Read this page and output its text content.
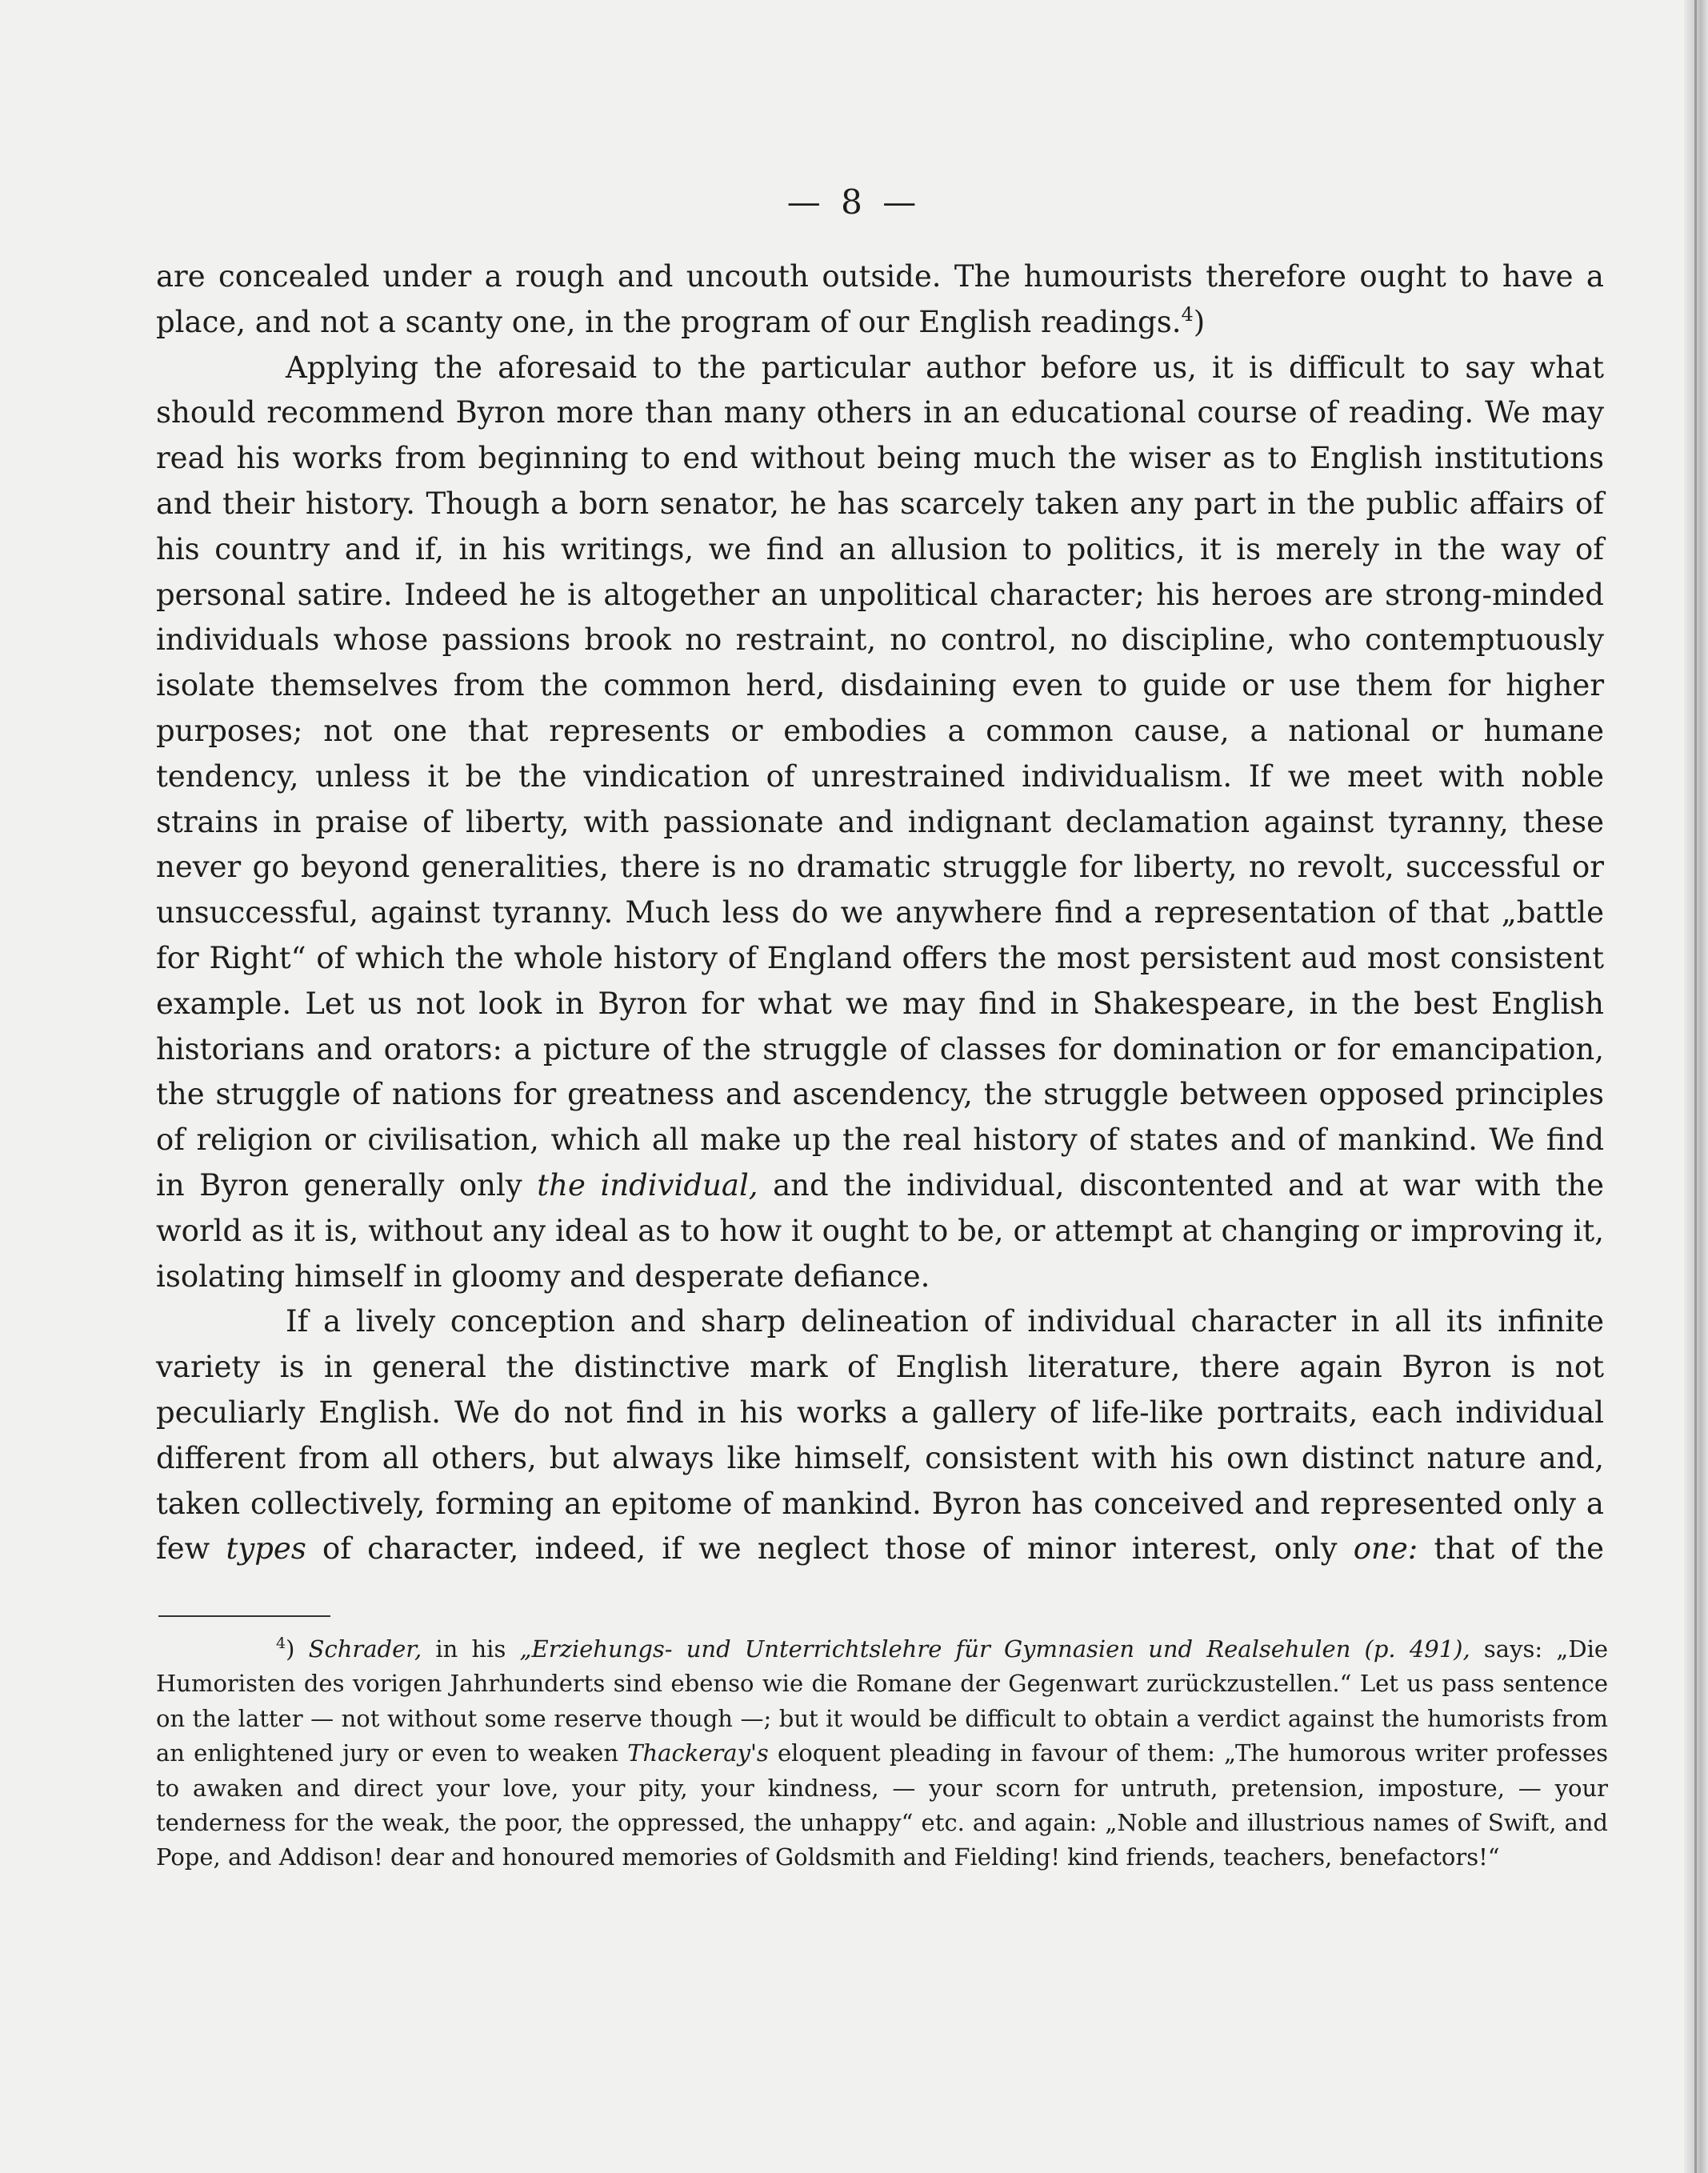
— 8 —

are concealed under a rough and uncouth outside. The humourists therefore ought to have a place, and not a scanty one, in the program of our English readings.$^4$)

Applying the aforesaid to the particular author before us, it is difficult to say what should recommend Byron more than many others in an educational course of reading. We may read his works from beginning to end without being much the wiser as to English institutions and their history. Though a born senator, he has scarcely taken any part in the public affairs of his country and if, in his writings, we find an allusion to politics, it is merely in the way of personal satire. Indeed he is altogether an unpolitical character; his heroes are strong-minded individuals whose passions brook no restraint, no control, no discipline, who contemptuously isolate themselves from the common herd, disdaining even to guide or use them for higher purposes; not one that represents or embodies a common cause, a national or humane tendency, unless it be the vindication of unrestrained individualism. If we meet with noble strains in praise of liberty, with passionate and indignant declamation against tyranny, these never go beyond generalities, there is no dramatic struggle for liberty, no revolt, successful or unsuccessful, against tyranny. Much less do we anywhere find a representation of that „battle for Right“ of which the whole history of England offers the most persistent aud most consistent example. Let us not look in Byron for what we may find in Shakespeare, in the best English historians and orators: a picture of the struggle of classes for domination or for emancipation, the struggle of nations for greatness and ascendency, the struggle between opposed principles of religion or civilisation, which all make up the real history of states and of mankind. We find in Byron generally only the individual, and the individual, discontented and at war with the world as it is, without any ideal as to how it ought to be, or attempt at changing or improving it, isolating himself in gloomy and desperate defiance.

If a lively conception and sharp delineation of individual character in all its infinite variety is in general the distinctive mark of English literature, there again Byron is not peculiarly English. We do not find in his works a gallery of life-like portraits, each individual different from all others, but always like himself, consistent with his own distinct nature and, taken collectively, forming an epitome of mankind. Byron has conceived and represented only a few types of character, indeed, if we neglect those of minor interest, only one: that of the

$^4$) Schrader, in his „Erziehungs- und Unterrichtslehre für Gymnasien und Realsehulen (p. 491), says: „Die Humoristen des vorigen Jahrhunderts sind ebenso wie die Romane der Gegenwart zurückzustellen.“ Let us pass sentence on the latter — not without some reserve though —; but it would be difficult to obtain a verdict against the humorists from an enlightened jury or even to weaken Thackeray's eloquent pleading in favour of them: „The humorous writer professes to awaken and direct your love, your pity, your kindness, — your scorn for untruth, pretension, imposture, — your tenderness for the weak, the poor, the oppressed, the unhappy“ etc. and again: „Noble and illustrious names of Swift, and Pope, and Addison! dear and honoured memories of Goldsmith and Fielding! kind friends, teachers, benefactors!“
